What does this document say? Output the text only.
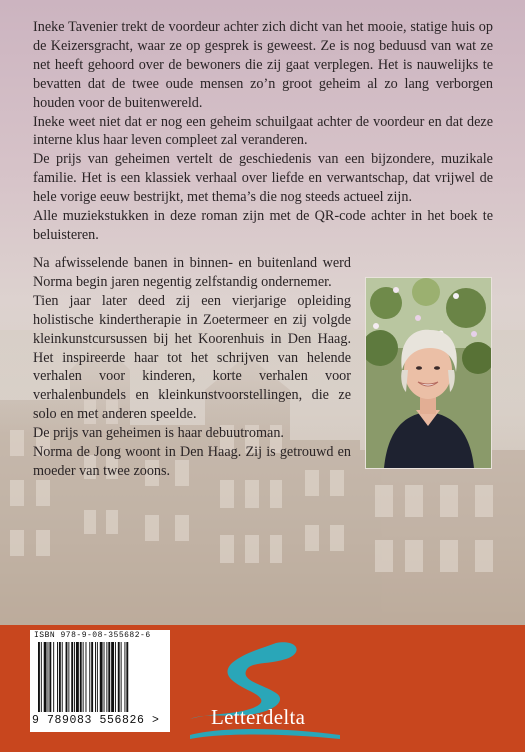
Ineke Tavenier trekt de voordeur achter zich dicht van het mooie, statige huis op de Keizersgracht, waar ze op gesprek is geweest. Ze is nog beduusd van wat ze net heeft gehoord over de bewoners die zij gaat verplegen. Het is nauwelijks te bevatten dat de twee oude mensen zo’n groot geheim al zo lang verborgen houden voor de buitenwereld.

Ineke weet niet dat er nog een geheim schuilgaat achter de voordeur en dat deze interne klus haar leven compleet zal veranderen.

De prijs van geheimen vertelt de geschiedenis van een bijzondere, muzikale familie. Het is een klassiek verhaal over liefde en verwantschap, dat vrijwel de hele vorige eeuw bestrijkt, met thema’s die nog steeds actueel zijn.

Alle muziekstukken in deze roman zijn met de QR-code achter in het boek te beluisteren.

Na afwisselende banen in binnen- en buitenland werd Norma begin jaren negentig zelfstandig ondernemer.

Tien jaar later deed zij een vierjarige opleiding holistische kindertherapie in Zoetermeer en zij volgde kleinkunstcursussen bij het Koorenhuis in Den Haag. Het inspireerde haar tot het schrijven van helende verhalen voor kinderen, korte verhalen voor verhalenbundels en kleinkunstvoorstellingen, die ze solo en met anderen speelde.

De prijs van geheimen is haar debuutroman.

Norma de Jong woont in Den Haag. Zij is getrouwd en moeder van twee zoons.

ISBN 978-9-08-355682-6
9 789083 556826 > Letterdelta
